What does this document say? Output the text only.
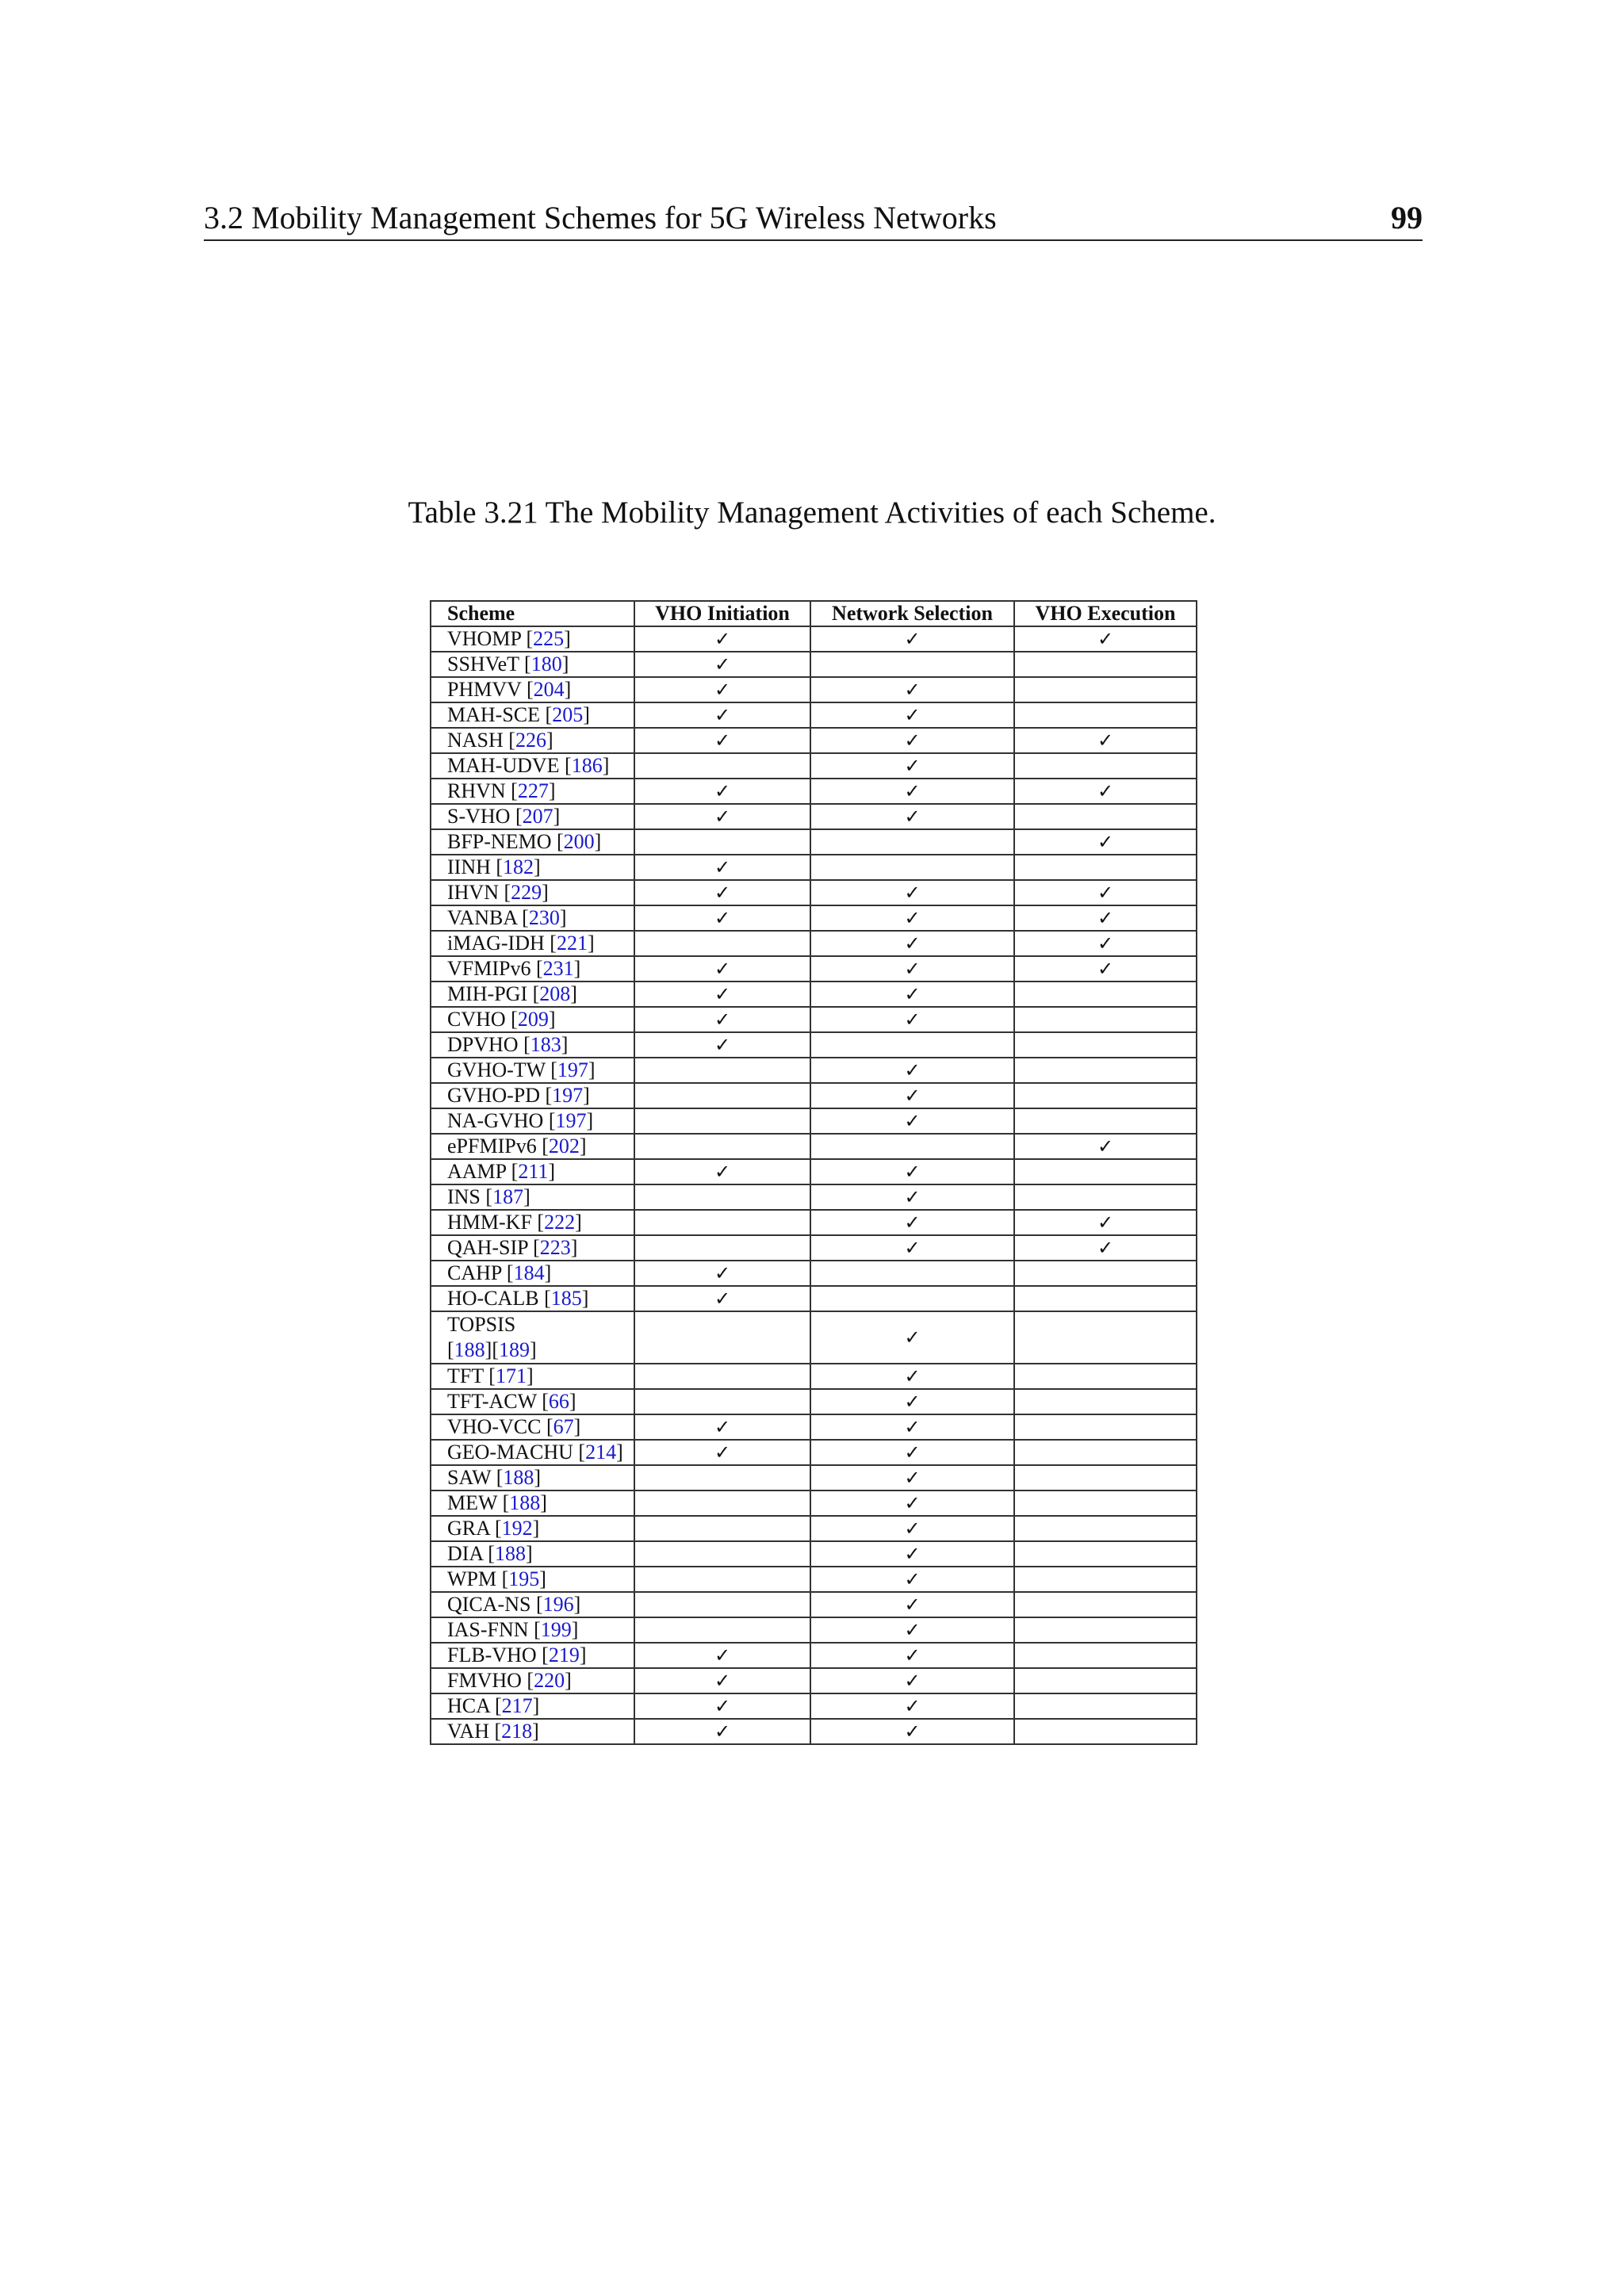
3.2 Mobility Management Schemes for 5G Wireless Networks	99
Table 3.21 The Mobility Management Activities of each Scheme.
Scheme	VHO Initiation	Network Selection	VHO Execution
VHOMP [225]	✓	✓	✓
SSHVeT [180]	✓		
PHMVV [204]	✓	✓	
MAH-SCE [205]	✓	✓	
NASH [226]	✓	✓	✓
MAH-UDVE [186]		✓	
RHVN [227]	✓	✓	✓
S-VHO [207]	✓	✓	
BFP-NEMO [200]			✓
IINH [182]	✓		
IHVN [229]	✓	✓	✓
VANBA [230]	✓	✓	✓
iMAG-IDH [221]		✓	✓
VFMIPv6 [231]	✓	✓	✓
MIH-PGI [208]	✓	✓	
CVHO [209]	✓	✓	
DPVHO [183]	✓		
GVHO-TW [197]		✓	
GVHO-PD [197]		✓	
NA-GVHO [197]		✓	
ePFMIPv6 [202]			✓
AAMP [211]	✓	✓	
INS [187]		✓	
HMM-KF [222]		✓	✓
QAH-SIP [223]		✓	✓
CAHP [184]	✓		
HO-CALB [185]	✓		
TOPSIS
[188][189]		✓	
TFT [171]		✓	
TFT-ACW [66]		✓	
VHO-VCC [67]	✓	✓	
GEO-MACHU [214]	✓	✓	
SAW [188]		✓	
MEW [188]		✓	
GRA [192]		✓	
DIA [188]		✓	
WPM [195]		✓	
QICA-NS [196]		✓	
IAS-FNN [199]		✓	
FLB-VHO [219]	✓	✓	
FMVHO [220]	✓	✓	
HCA [217]	✓	✓	
VAH [218]	✓	✓	
